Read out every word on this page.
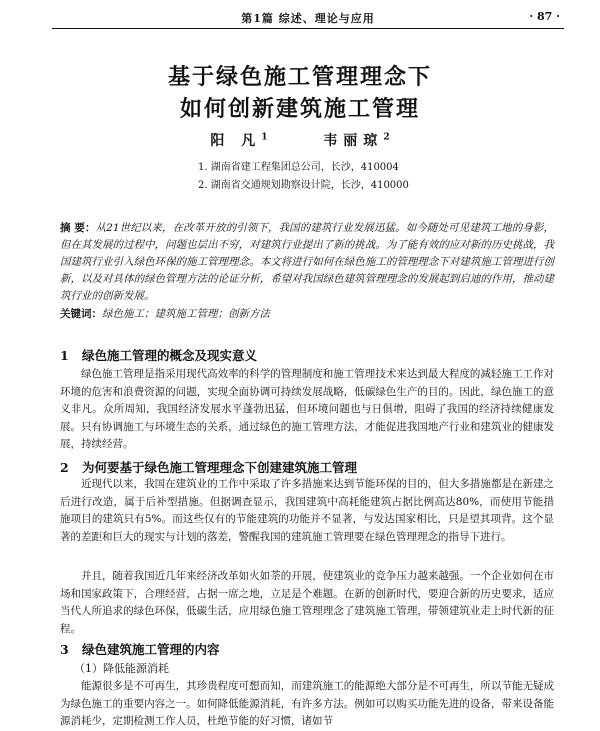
第1篇 综述、理论与应用	· 87 ·
基于绿色施工管理理念下
如何创新建筑施工管理
阳 凡$^1$	韦丽琼$^2$
1. 湖南省建工程集团总公司，长沙，410004
2. 湖南省交通规划勘察设计院，长沙，410000
摘 要：从21世纪以来，在改革开放的引领下，我国的建筑行业发展迅猛。如今随处可见建筑工地的身影，但在其发展的过程中，问题也层出不穷，对建筑行业提出了新的挑战。为了能有效的应对新的历史挑战，我国建筑行业引入绿色环保的施工管理理念。本文将进行如何在绿色施工的管理理念下对建筑施工管理进行创新，以及对具体的绿色管理方法的论证分析，希望对我国绿色建筑管理理念的发展起到启迪的作用，推动建筑行业的创新发展。
关键词：绿色施工；建筑施工管理；创新方法
1 绿色施工管理的概念及现实意义
绿色施工管理是指采用现代高效率的科学的管理制度和施工管理技术来达到最大程度的减轻施工工作对环境的危害和浪费资源的问题，实现全面协调可持续发展战略，低碳绿色生产的目的。因此，绿色施工的意义非凡。众所周知，我国经济发展水平蓬勃迅猛，但环境问题也与日俱增，阻碍了我国的经济持续健康发展。只有协调施工与环境生态的关系，通过绿色的施工管理方法，才能促进我国地产行业和建筑业的健康发展，持续经营。
2 为何要基于绿色施工管理理念下创建建筑施工管理
近现代以来，我国在建筑业的工作中采取了许多措施来达到节能环保的目的，但大多措施都是在新建之后进行改造，属于后补型措施。但据调查显示，我国建筑中高耗能建筑占据比例高达80%，而使用节能措施项目的建筑只有5%。而这些仅有的节能建筑的功能并不显著，与发达国家相比，只是望其项背。这个显著的差距和巨大的现实与计划的落差，警醒我国的建筑施工管理要在绿色管理理念的指导下进行。
并且，随着我国近几年来经济改革如火如荼的开展，使建筑业的竞争压力越来越强。一个企业如何在市场和国家政策下，合理经营，占据一席之地，立足是个难题。在新的创新时代，要迎合新的历史要求，适应当代人所追求的绿色环保，低碳生活，应用绿色施工管理理念了建筑施工管理，带领建筑业走上时代新的征程。
3 绿色建筑施工管理的内容
（1）降低能源消耗
能源很多是不可再生，其珍贵程度可想而知，而建筑施工的能源绝大部分是不可再生，所以节能无疑成为绿色施工的重要内容之一。如何降低能源消耗，有许多方法。例如可以购买功能先进的设备，带来设备能源消耗少，定期检测工作人员，杜绝节能的好习惯，诸如节
